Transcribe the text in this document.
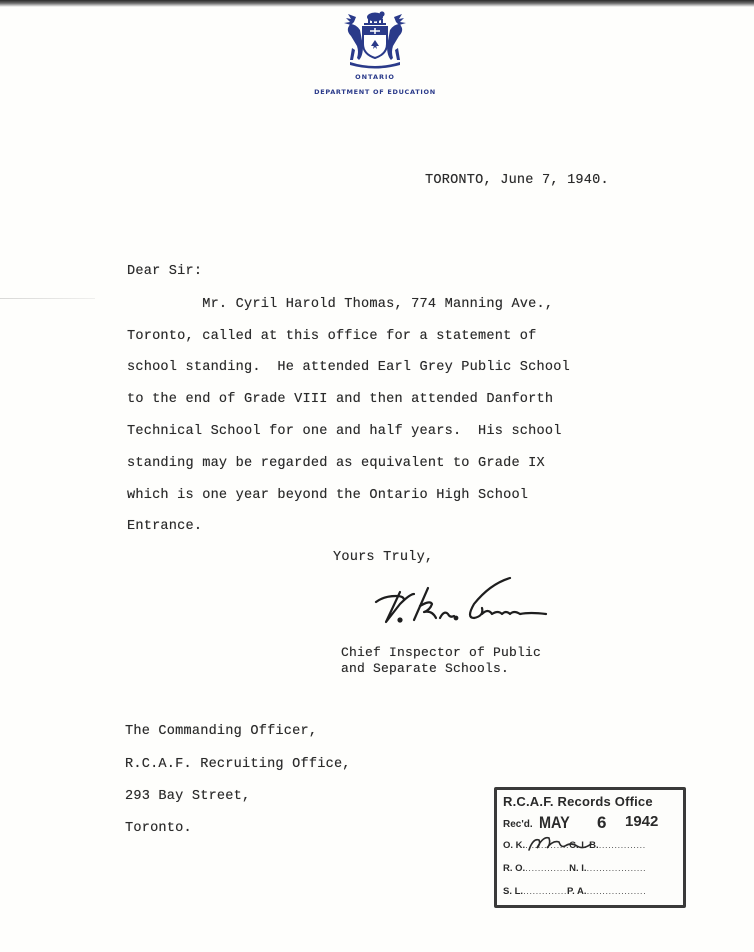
ONTARIO
DEPARTMENT OF EDUCATION
TORONTO, June 7, 1940.
Dear Sir:
Mr. Cyril Harold Thomas, 774 Manning Ave.,
Toronto, called at this office for a statement of
school standing.  He attended Earl Grey Public School
to the end of Grade VIII and then attended Danforth
Technical School for one and half years.  His school
standing may be regarded as equivalent to Grade IX
which is one year beyond the Ontario High School
Entrance.
Yours Truly,
Chief Inspector of Public
and Separate Schools.
The Commanding Officer,
R.C.A.F. Recruiting Office,
293 Bay Street,
Toronto.
R.C.A.F. Records Office
Rec'd. MAY 6 1942
O. K...............C. I. B................
R. O...............N. I....................
S. L...............P. A....................
